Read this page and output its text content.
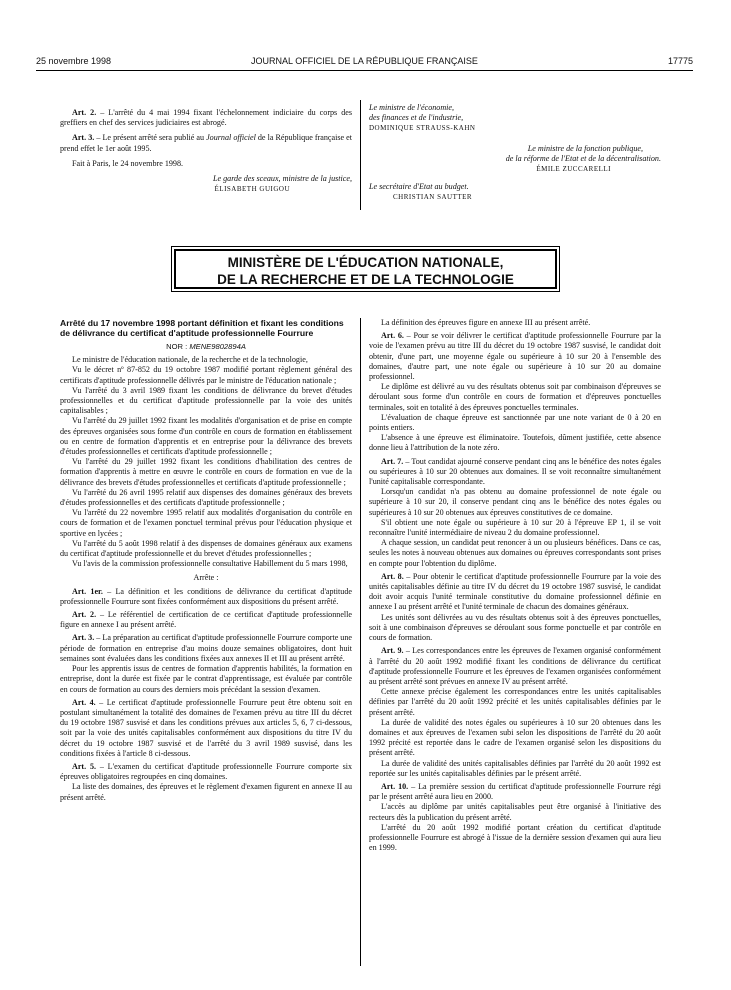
25 novembre 1998	JOURNAL OFFICIEL DE LA RÉPUBLIQUE FRANÇAISE	17775

Art. 2. – L'arrêté du 4 mai 1994 fixant l'échelonnement indiciaire du corps des greffiers en chef des services judiciaires est abrogé.

Art. 3. – Le présent arrêté sera publié au Journal officiel de la République française et prend effet le 1er août 1995.

Fait à Paris, le 24 novembre 1998.

Le garde des sceaux, ministre de la justice,

ÉLISABETH GUIGOU

Le ministre de l'économie,

des finances et de l'industrie,

DOMINIQUE STRAUSS-KAHN

Le ministre de la fonction publique,

de la réforme de l'Etat et de la décentralisation.

ÉMILE ZUCCARELLI

Le secrétaire d'Etat au budget.

CHRISTIAN SAUTTER

MINISTÈRE DE L'ÉDUCATION NATIONALE,
DE LA RECHERCHE ET DE LA TECHNOLOGIE
Arrêté du 17 novembre 1998 portant définition et fixant les conditions de délivrance du certificat d'aptitude professionnelle Fourrure
NOR : MENE9802894A

Le ministre de l'éducation nationale, de la recherche et de la technologie,

Vu le décret nº 87-852 du 19 octobre 1987 modifié portant règlement général des certificats d'aptitude professionnelle délivrés par le ministre de l'éducation nationale ;

Vu l'arrêté du 3 avril 1989 fixant les conditions de délivrance du brevet d'études professionnelles et du certificat d'aptitude professionnelle par la voie des unités capitalisables ;

Vu l'arrêté du 29 juillet 1992 fixant les modalités d'organisation et de prise en compte des épreuves organisées sous forme d'un contrôle en cours de formation en établissement ou en centre de formation d'apprentis et en entreprise pour la délivrance des brevets d'études professionnelles et certificats d'aptitude professionnelle ;

Vu l'arrêté du 29 juillet 1992 fixant les conditions d'habilitation des centres de formation d'apprentis à mettre en œuvre le contrôle en cours de formation en vue de la délivrance des brevets d'études professionnelles et certificats d'aptitude professionnelle ;

Vu l'arrêté du 26 avril 1995 relatif aux dispenses des domaines généraux des brevets d'études professionnelles et des certificats d'aptitude professionnelle ;

Vu l'arrêté du 22 novembre 1995 relatif aux modalités d'organisation du contrôle en cours de formation et de l'examen ponctuel terminal prévus pour l'éducation physique et sportive en lycées ;

Vu l'arrêté du 5 août 1998 relatif à des dispenses de domaines généraux aux examens du certificat d'aptitude professionnelle et du brevet d'études professionnelles ;

Vu l'avis de la commission professionnelle consultative Habillement du 5 mars 1998,

Arrête :

Art. 1er. – La définition et les conditions de délivrance du certificat d'aptitude professionnelle Fourrure sont fixées conformément aux dispositions du présent arrêté.

Art. 2. – Le référentiel de certification de ce certificat d'aptitude professionnelle figure en annexe I au présent arrêté.

Art. 3. – La préparation au certificat d'aptitude professionnelle Fourrure comporte une période de formation en entreprise d'au moins douze semaines obligatoires, dont huit semaines sont évaluées dans les conditions fixées aux annexes II et III au présent arrêté.

Pour les apprentis issus de centres de formation d'apprentis habilités, la formation en entreprise, dont la durée est fixée par le contrat d'apprentissage, est évaluée par contrôle en cours de formation au cours des derniers mois précédant la session d'examen.

Art. 4. – Le certificat d'aptitude professionnelle Fourrure peut être obtenu soit en postulant simultanément la totalité des domaines de l'examen prévu au titre III du décret du 19 octobre 1987 susvisé et dans les conditions prévues aux articles 5, 6, 7 ci-dessous, soit par la voie des unités capitalisables conformément aux dispositions du titre IV du décret du 19 octobre 1987 susvisé et de l'arrêté du 3 avril 1989 susvisé, dans les conditions fixées à l'article 8 ci-dessous.

Art. 5. – L'examen du certificat d'aptitude professionnelle Fourrure comporte six épreuves obligatoires regroupées en cinq domaines.

La liste des domaines, des épreuves et le règlement d'examen figurent en annexe II au présent arrêté.

La définition des épreuves figure en annexe III au présent arrêté.

Art. 6. – Pour se voir délivrer le certificat d'aptitude professionnelle Fourrure par la voie de l'examen prévu au titre III du décret du 19 octobre 1987 susvisé, le candidat doit obtenir, d'une part, une moyenne égale ou supérieure à 10 sur 20 à l'ensemble des domaines, d'autre part, une note égale ou supérieure à 10 sur 20 au domaine professionnel.

Le diplôme est délivré au vu des résultats obtenus soit par combinaison d'épreuves se déroulant sous forme d'un contrôle en cours de formation et d'épreuves ponctuelles terminales, soit en totalité à des épreuves ponctuelles terminales.

L'évaluation de chaque épreuve est sanctionnée par une note variant de 0 à 20 en points entiers.

L'absence à une épreuve est éliminatoire. Toutefois, dûment justifiée, cette absence donne lieu à l'attribution de la note zéro.

Art. 7. – Tout candidat ajourné conserve pendant cinq ans le bénéfice des notes égales ou supérieures à 10 sur 20 obtenues aux domaines. Il se voit reconnaître simultanément l'unité capitalisable correspondante.

Lorsqu'un candidat n'a pas obtenu au domaine professionnel de note égale ou supérieure à 10 sur 20, il conserve pendant cinq ans le bénéfice des notes égales ou supérieures à 10 sur 20 obtenues aux épreuves constitutives de ce domaine.

S'il obtient une note égale ou supérieure à 10 sur 20 à l'épreuve EP 1, il se voit reconnaître l'unité intermédiaire de niveau 2 du domaine professionnel.

A chaque session, un candidat peut renoncer à un ou plusieurs bénéfices. Dans ce cas, seules les notes à nouveau obtenues aux domaines ou épreuves correspondants sont prises en compte pour l'obtention du diplôme.

Art. 8. – Pour obtenir le certificat d'aptitude professionnelle Fourrure par la voie des unités capitalisables définie au titre IV du décret du 19 octobre 1987 susvisé, le candidat doit avoir acquis l'unité terminale constitutive du domaine professionnel définie en annexe I au présent arrêté et l'unité terminale de chacun des domaines généraux.

Les unités sont délivrées au vu des résultats obtenus soit à des épreuves ponctuelles, soit à une combinaison d'épreuves se déroulant sous forme ponctuelle et par contrôle en cours de formation.

Art. 9. – Les correspondances entre les épreuves de l'examen organisé conformément à l'arrêté du 20 août 1992 modifié fixant les conditions de délivrance du certificat d'aptitude professionnelle Fourrure et les épreuves de l'examen organisées conformément au présent arrêté sont prévues en annexe IV au présent arrêté.

Cette annexe précise également les correspondances entre les unités capitalisables définies par l'arrêté du 20 août 1992 précité et les unités capitalisables définies par le présent arrêté.

La durée de validité des notes égales ou supérieures à 10 sur 20 obtenues dans les domaines et aux épreuves de l'examen subi selon les dispositions de l'arrêté du 20 août 1992 précité est reportée dans le cadre de l'examen organisé selon les dispositions du présent arrêté.

La durée de validité des unités capitalisables définies par l'arrêté du 20 août 1992 est reportée sur les unités capitalisables définies par le présent arrêté.

Art. 10. – La première session du certificat d'aptitude professionnelle Fourrure régi par le présent arrêté aura lieu en 2000.

L'accès au diplôme par unités capitalisables peut être organisé à l'initiative des recteurs dès la publication du présent arrêté.

L'arrêté du 20 août 1992 modifié portant création du certificat d'aptitude professionnelle Fourrure est abrogé à l'issue de la dernière session d'examen qui aura lieu en 1999.
